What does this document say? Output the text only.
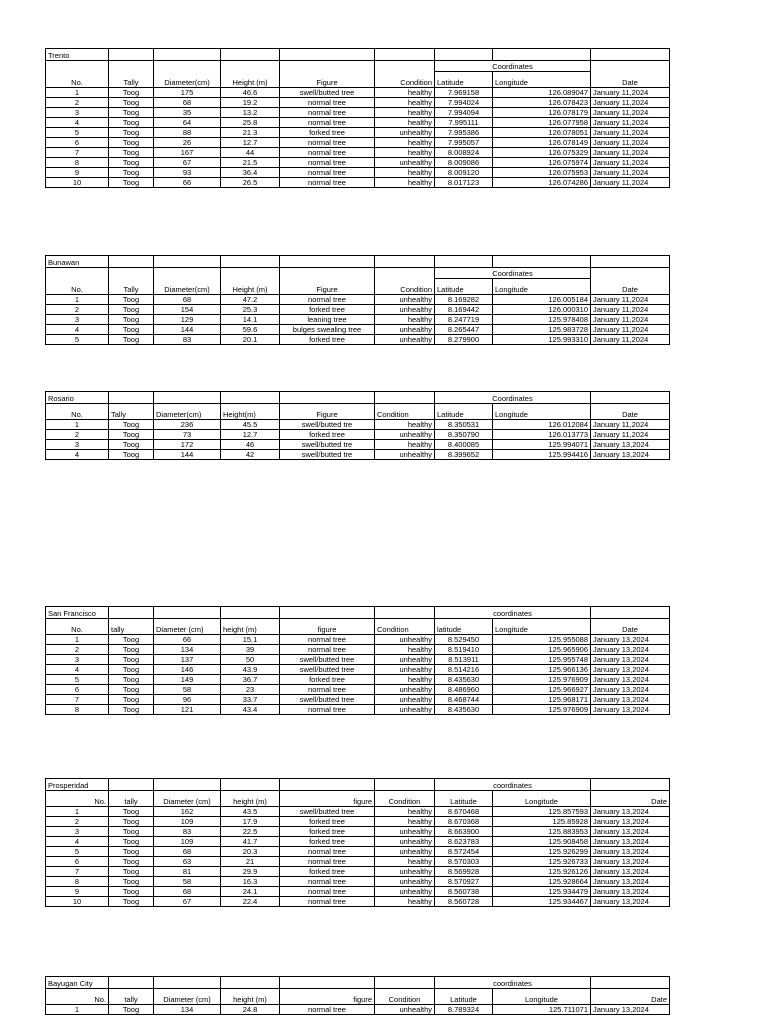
Trento								
						Coordinates		
No.	Tally	Diameter(cm)	Height (m)	Figure	Condition	Latitude	Longitude	Date
1	Toog	175	46.6	swell/butted tree	healthy	7.969158	126.089047	January 11,2024
2	Toog	68	19.2	normal tree	healthy	7.994024	126.078423	January 11,2024
3	Toog	35	13.2	normal tree	healthy	7.994094	126.078179	January 11,2024
4	Toog	64	25.8	normal tree	healthy	7.995111	126.077958	January 11,2024
5	Toog	88	21.3	forked tree	unhealthy	7.995386	126.078051	January 11,2024
6	Toog	26	12.7	normal tree	healthy	7.995057	126.078149	January 11,2024
7	Toog	167	44	normal tree	healthy	8.008924	126.075329	January 11,2024
8	Toog	67	21.5	normal tree	unhealthy	8.009086	126.075974	January 11,2024
9	Toog	93	36.4	normal tree	healthy	8.009120	126.075953	January 11,2024
10	Toog	66	26.5	normal tree	healthy	8.017123	126.074286	January 11,2024
Bunawan								
						Coordinates		
No.	Tally	Diameter(cm)	Height (m)	Figure	Condition	Latitude	Longitude	Date
1	Toog	68	47.2	normal tree	unhealthy	8.169282	126.005184	January 11,2024
2	Toog	154	25.3	forked tree	unhealthy	8.169442	126.000310	January 11,2024
3	Toog	129	14.1	leaning tree	healthy	8.247719	125.978408	January 11,2024
4	Toog	144	59.6	bulges swealing tree	unhealthy	8.265447	125.983728	January 11,2024
5	Toog	83	20.1	forked tree	unhealthy	8.279900	125.993310	January 11,2024
Rosario						Coordinates		
No.	Tally	Diameter(cm)	Height(m)	Figure	Condition	Latitude	Longitude	Date
1	Toog	236	45.5	swell/butted tre	healthy	8.350531	126.012084	January 11,2024
2	Toog	73	12.7	forked tree	unhealthy	8.350790	126.013773	January 11,2024
3	Toog	172	46	swell/butted tre	healthy	8.400085	125.994071	January 13,2024
4	Toog	144	42	swell/butted tre	unhealthy	8.399652	125.994416	January 13,2024
San Francisco						coordinates		
No.	tally	Diameter (cm)	height (m)	figure	Condition	latitude	Longitude	Date
1	Toog	66	15.1	normal tree	unhealthy	8.529450	125.955088	January 13,2024
2	Toog	134	39	normal tree	healthy	8.519410	125.965906	January 13,2024
3	Toog	137	50	swell/butted tree	unhealthy	8.513911	125.955748	January 13,2024
4	Toog	146	43.9	swell/butted tree	unhealthy	8.514216	125.966136	January 13,2024
5	Toog	149	36.7	forked tree	healthy	8.435630	125.976909	January 13,2024
6	Toog	58	23	normal tree	unhealthy	8.486960	125.966927	January 13,2024
7	Toog	96	33.7	swell/butted tree	unhealthy	8.468744	125.968171	January 13,2024
8	Toog	121	43.4	normal tree	unhealthy	8.435630	125.976909	January 13,2024
Prosperidad						coordinates		
No.	tally	Diameter (cm)	height (m)	figure	Condition	Latitude	Longitude	Date
1	Toog	162	43.5	swell/butted tree	healthy	8.670468	125.857593	January 13,2024
2	Toog	109	17.9	forked tree	healthy	8.670368	125.85928	January 13,2024
3	Toog	83	22.5	forked tree	unhealthy	8.663900	125.883953	January 13,2024
4	Toog	109	41.7	forked tree	unhealthy	8.623783	125.908458	January 13,2024
5	Toog	68	20.3	normal tree	unhealthy	8.572454	125.926299	January 13,2024
6	Toog	63	21	normal tree	healthy	8.570303	125.926733	January 13,2024
7	Toog	81	29.9	forked tree	unhealthy	8.569928	125.926126	January 13,2024
8	Toog	58	16.3	normal tree	unhealthy	8.570927	125.928664	January 13,2024
9	Toog	68	24.1	normal tree	unhealthy	8.560738	125.934479	January 13,2024
10	Toog	67	22.4	normal tree	healthy	8.560728	125.934467	January 13,2024
Bayugan City						coordinates		
No.	tally	Diameter (cm)	height (m)	figure	Condition	Latitude	Longitude	Date
1	Toog	134	24.8	normal tree	unhealthy	8.789324	125.711071	January 13,2024
